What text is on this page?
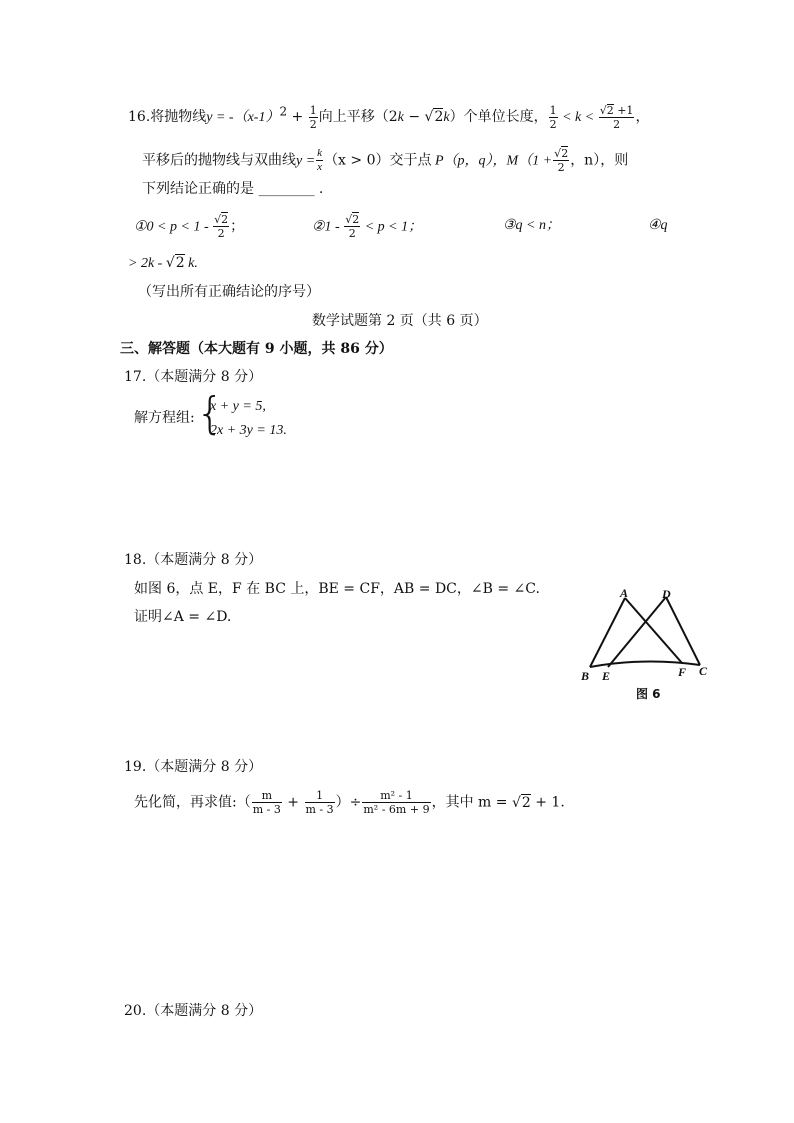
16.将抛物线$y = -(x-1)^2 + \frac{1}{2}$ 向上平移（2k − √2k）个单位长度， $\frac{1}{2} < k < \frac{√2 +1}{2}$ ，
平移后的抛物线与双曲线$y = \frac{k}{x} (x > 0)$交于点 P（p，q），$M(1 + \frac{√2}{2}$ ，n），则
下列结论正确的是 ________ .
①0 < $p < 1 - \frac{√2}{2}$ ；	②1 - $\frac{√2}{2} < p < 1$；	③q < n；	④q
> 2k - √2 k.
（写出所有正确结论的序号）
数学试题第 2 页（共 6 页）
三、解答题（本大题有 9 小题，共 86 分）
17.（本题满分 8 分）
解方程组: {
x + y = 5,
2x + 3y = 13.
18.（本题满分 8 分）
如图 6，点 E，F 在 BC 上，BE = CF，AB = DC，∠B = ∠C.
证明∠A = ∠D.
A	D
B E	F C
图 6
19.（本题满分 8 分）
先化简，再求值:（ $\frac{m}{m - 3} + \frac{1}{m - 3}$ ）÷ $\frac{\text{m² - 1}}{\text{m² - 6m + 9}}$ ，其中 m = √2 + 1.
20.（本题满分 8 分）
